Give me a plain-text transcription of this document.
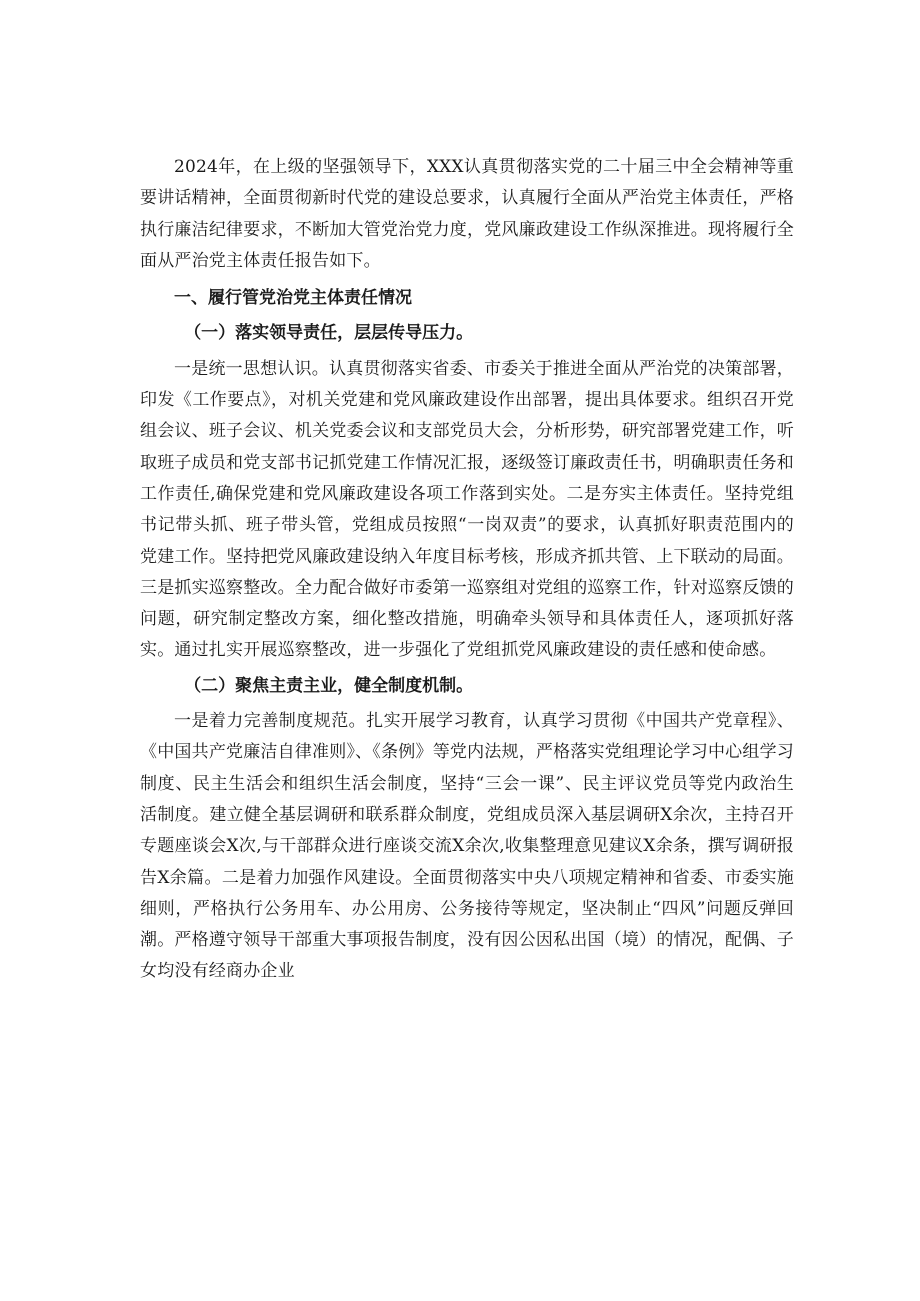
2024年，在上级的坚强领导下，XXX认真贯彻落实党的二十届三中全会精神等重要讲话精神，全面贯彻新时代党的建设总要求，认真履行全面从严治党主体责任，严格执行廉洁纪律要求，不断加大管党治党力度，党风廉政建设工作纵深推进。现将履行全面从严治党主体责任报告如下。

一、履行管党治党主体责任情况

（一）落实领导责任，层层传导压力。

一是统一思想认识。认真贯彻落实省委、市委关于推进全面从严治党的决策部署，印发《工作要点》，对机关党建和党风廉政建设作出部署，提出具体要求。组织召开党组会议、班子会议、机关党委会议和支部党员大会，分析形势，研究部署党建工作，听取班子成员和党支部书记抓党建工作情况汇报，逐级签订廉政责任书，明确职责任务和工作责任,确保党建和党风廉政建设各项工作落到实处。二是夯实主体责任。坚持党组书记带头抓、班子带头管，党组成员按照“一岗双责”的要求，认真抓好职责范围内的党建工作。坚持把党风廉政建设纳入年度目标考核，形成齐抓共管、上下联动的局面。三是抓实巡察整改。全力配合做好市委第一巡察组对党组的巡察工作，针对巡察反馈的问题，研究制定整改方案，细化整改措施，明确牵头领导和具体责任人，逐项抓好落实。通过扎实开展巡察整改，进一步强化了党组抓党风廉政建设的责任感和使命感。

（二）聚焦主责主业，健全制度机制。

一是着力完善制度规范。扎实开展学习教育，认真学习贯彻《中国共产党章程》、《中国共产党廉洁自律准则》、《条例》等党内法规，严格落实党组理论学习中心组学习制度、民主生活会和组织生活会制度，坚持“三会一课”、民主评议党员等党内政治生活制度。建立健全基层调研和联系群众制度，党组成员深入基层调研X余次，主持召开专题座谈会X次,与干部群众进行座谈交流X余次,收集整理意见建议X余条，撰写调研报告X余篇。二是着力加强作风建设。全面贯彻落实中央八项规定精神和省委、市委实施细则，严格执行公务用车、办公用房、公务接待等规定，坚决制止“四风”问题反弹回潮。严格遵守领导干部重大事项报告制度，没有因公因私出国（境）的情况，配偶、子女均没有经商办企业
